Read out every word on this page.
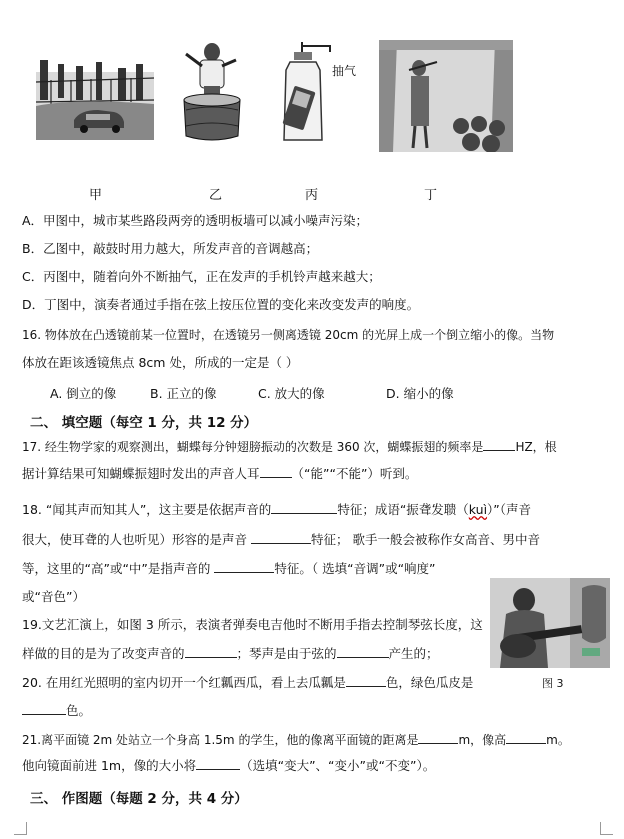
抽气
甲	乙	丙	丁
A．甲图中，城市某些路段两旁的透明板墙可以减小噪声污染；
B．乙图中，敲鼓时用力越大，所发声音的音调越高；
C．丙图中，随着向外不断抽气，正在发声的手机铃声越来越大；
D．丁图中，演奏者通过手指在弦上按压位置的变化来改变发声的响度。
16. 物体放在凸透镜前某一位置时，在透镜另一侧离透镜 20cm 的光屏上成一个倒立缩小的像。当物
体放在距该透镜焦点 8cm 处，所成的一定是（ ）
A. 倒立的像	B. 正立的像	C. 放大的像	D. 缩小的像
二、 填空题（每空 1 分，共 12 分）
17. 经生物学家的观察测出，蝴蝶每分钟翅膀振动的次数是 360 次，蝴蝶振翅的频率是	HZ，根
据计算结果可知蝴蝶振翅时发出的声音人耳	（“能”“不能”）听到。
18. “闻其声而知其人”，这主要是依据声音的	特征；成语“振聋发聩（kuì）”（声音
很大，使耳聋的人也听见）形容的是声音	特征； 歌手一般会被称作女高音、男中音
等，这里的“高”或“中”是指声音的	特征。（ 选填“音调”或“响度”
或“音色”）
图 3
19.文艺汇演上，如图 3 所示，表演者弹奏电吉他时不断用手指去控制琴弦长度，这
样做的目的是为了改变声音的	；琴声是由于弦的	产生的；
20. 在用红光照明的室内切开一个红瓤西瓜，看上去瓜瓤是	色，绿色瓜皮是
色。
21.离平面镜 2m 处站立一个身高 1.5m 的学生，他的像离平面镜的距离是	m，像高	m。
他向镜面前进 1m，像的大小将	（选填“变大”、“变小”或“不变”）。
三、 作图题（每题 2 分，共 4 分）
